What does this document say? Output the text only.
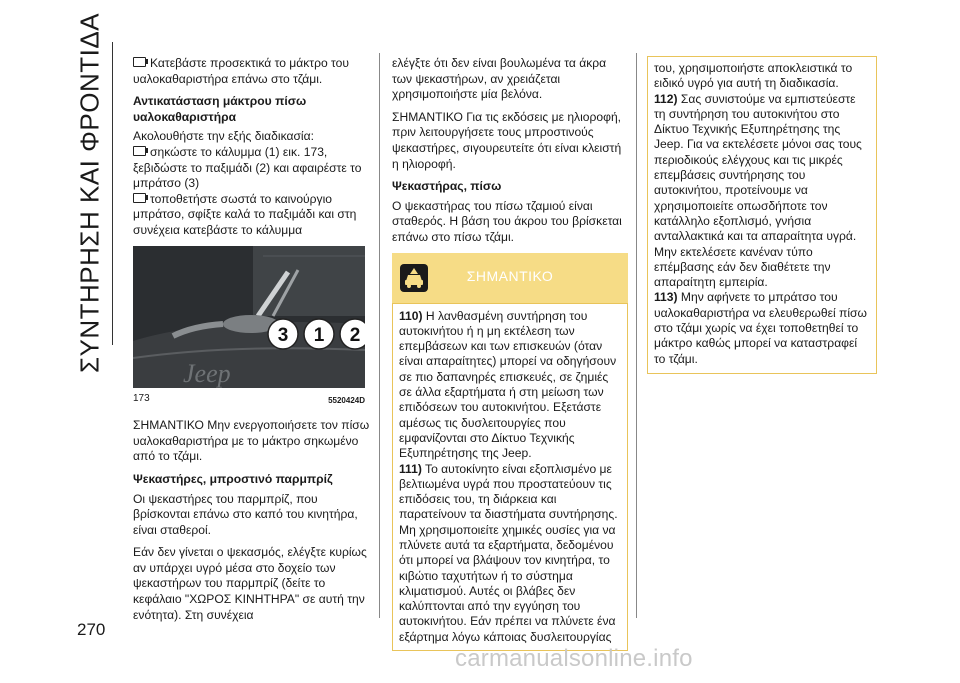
ΣΥΝΤΗΡΗΣΗ ΚΑΙ ΦΡΟΝΤΙΔΑ
270

Κατεβάστε προσεκτικά το μάκτρο του υαλοκαθαριστήρα επάνω στο τζάμι.

Αντικατάσταση μάκτρου πίσω υαλοκαθαριστήρα

Ακολουθήστε την εξής διαδικασία:

σηκώστε το κάλυμμα (1) εικ. 173, ξεβιδώστε το παξιμάδι (2) και αφαιρέστε το μπράτσο (3)

τοποθετήστε σωστά το καινούργιο μπράτσο, σφίξτε καλά το παξιμάδι και στη συνέχεια κατεβάστε το κάλυμμα

Jeep
3 1 2
173	5520424D

ΣΗΜΑΝΤΙΚΟ Μην ενεργοποιήσετε τον πίσω υαλοκαθαριστήρα με το μάκτρο σηκωμένο από το τζάμι.

Ψεκαστήρες, μπροστινό παρμπρίζ

Οι ψεκαστήρες του παρμπρίζ, που βρίσκονται επάνω στο καπό του κινητήρα, είναι σταθεροί.

Εάν δεν γίνεται ο ψεκασμός, ελέγξτε κυρίως αν υπάρχει υγρό μέσα στο δοχείο των ψεκαστήρων του παρμπρίζ (δείτε το κεφάλαιο "ΧΩΡΟΣ ΚΙΝΗΤΗΡΑ" σε αυτή την ενότητα). Στη συνέχεια

ελέγξτε ότι δεν είναι βουλωμένα τα άκρα των ψεκαστήρων, αν χρειάζεται χρησιμοποιήστε μία βελόνα.

ΣΗΜΑΝΤΙΚΟ Για τις εκδόσεις με ηλιοροφή, πριν λειτουργήσετε τους μπροστινούς ψεκαστήρες, σιγουρευτείτε ότι είναι κλειστή η ηλιοροφή.

Ψεκαστήρας, πίσω

Ο ψεκαστήρας του πίσω τζαμιού είναι σταθερός. Η βάση του άκρου του βρίσκεται επάνω στο πίσω τζάμι.

ΣΗΜΑΝΤΙΚΟ

110) Η λανθασμένη συντήρηση του αυτοκινήτου ή η μη εκτέλεση των επεμβάσεων και των επισκευών (όταν είναι απαραίτητες) μπορεί να οδηγήσουν σε πιο δαπανηρές επισκευές, σε ζημιές σε άλλα εξαρτήματα ή στη μείωση των επιδόσεων του αυτοκινήτου. Εξετάστε αμέσως τις δυσλειτουργίες που εμφανίζονται στο Δίκτυο Τεχνικής Εξυπηρέτησης της Jeep.

111) Το αυτοκίνητο είναι εξοπλισμένο με βελτιωμένα υγρά που προστατεύουν τις επιδόσεις του, τη διάρκεια και παρατείνουν τα διαστήματα συντήρησης. Μη χρησιμοποιείτε χημικές ουσίες για να πλύνετε αυτά τα εξαρτήματα, δεδομένου ότι μπορεί να βλάψουν τον κινητήρα, το κιβώτιο ταχυτήτων ή το σύστημα κλιματισμού. Αυτές οι βλάβες δεν καλύπτονται από την εγγύηση του αυτοκινήτου. Εάν πρέπει να πλύνετε ένα εξάρτημα λόγω κάποιας δυσλειτουργίας

του, χρησιμοποιήστε αποκλειστικά το ειδικό υγρό για αυτή τη διαδικασία.

112) Σας συνιστούμε να εμπιστεύεστε τη συντήρηση του αυτοκινήτου στο Δίκτυο Τεχνικής Εξυπηρέτησης της Jeep. Για να εκτελέσετε μόνοι σας τους περιοδικούς ελέγχους και τις μικρές επεμβάσεις συντήρησης του αυτοκινήτου, προτείνουμε να χρησιμοποιείτε οπωσδήποτε τον κατάλληλο εξοπλισμό, γνήσια ανταλλακτικά και τα απαραίτητα υγρά. Μην εκτελέσετε κανέναν τύπο επέμβασης εάν δεν διαθέτετε την απαραίτητη εμπειρία.

113) Μην αφήνετε το μπράτσο του υαλοκαθαριστήρα να ελευθερωθεί πίσω στο τζάμι χωρίς να έχει τοποθετηθεί το μάκτρο καθώς μπορεί να καταστραφεί το τζάμι.

carmanualsonline.info
